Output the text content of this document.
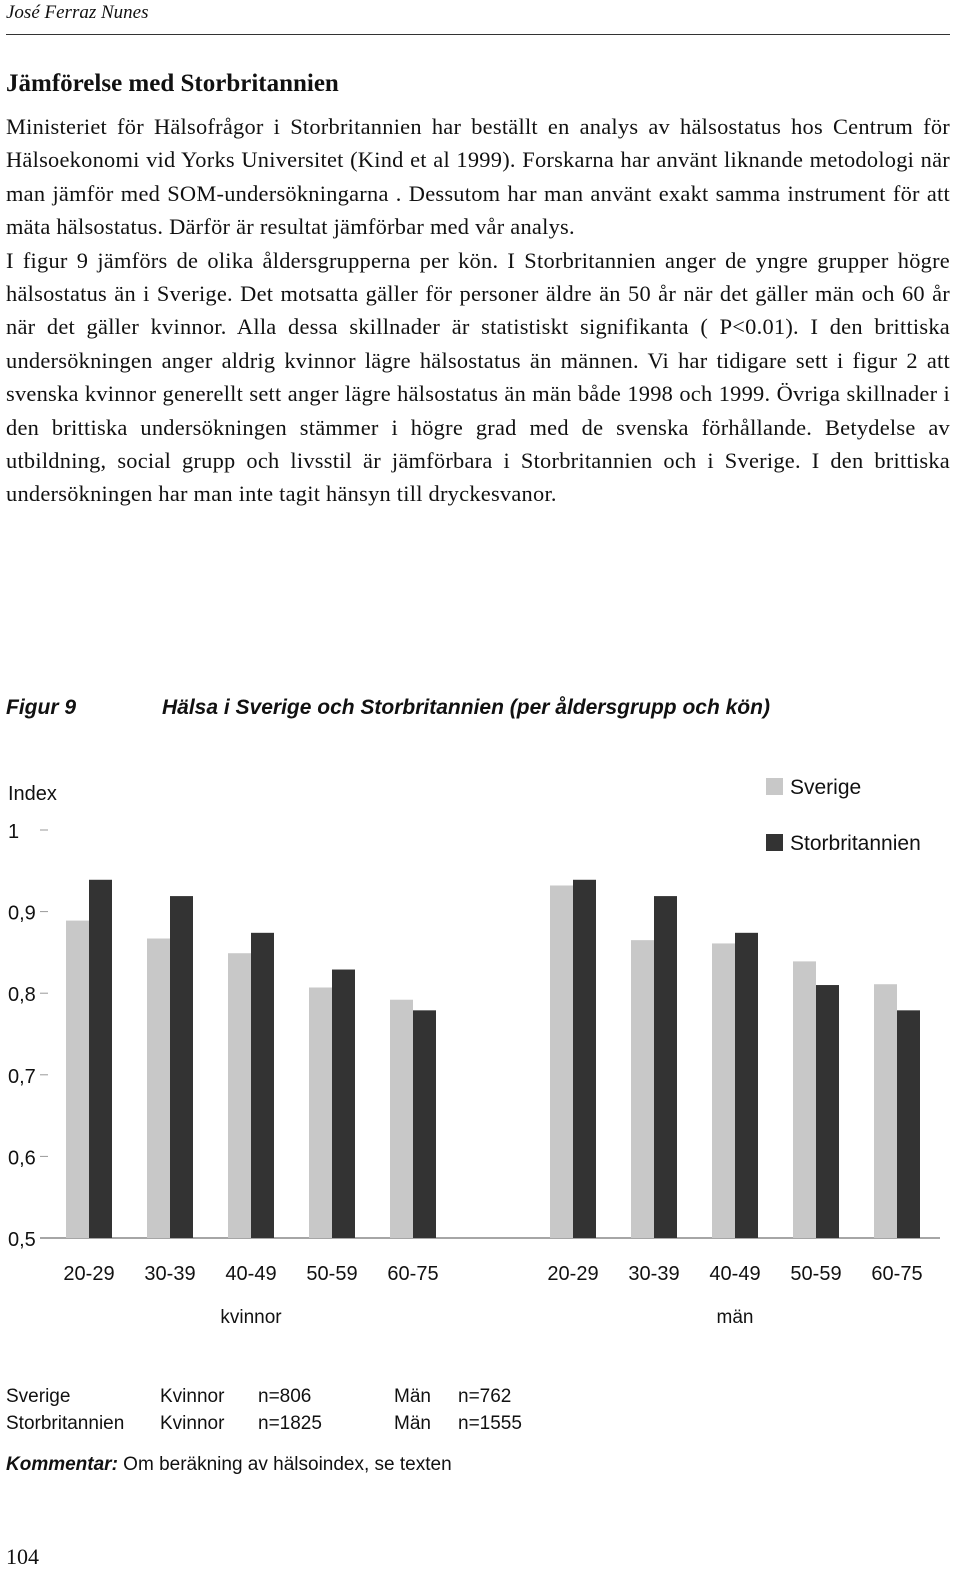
José Ferraz Nunes
Jämförelse med Storbritannien

Ministeriet för Hälsofrågor i Storbritannien har beställt en analys av hälsostatus hos Centrum för Hälsoekonomi vid Yorks Universitet (Kind et al 1999). Forskarna har använt liknande metodologi när man jämför med SOM-undersökningarna . Dessutom har man använt exakt samma instrument för att mäta hälsostatus. Därför är resultat jämförbar med vår analys.

I figur 9 jämförs de olika åldersgrupperna per kön. I Storbritannien anger de yngre grupper högre hälsostatus än i Sverige. Det motsatta gäller för personer äldre än 50 år när det gäller män och 60 år när det gäller kvinnor. Alla dessa skillnader är statistiskt signifikanta ( P<0.01). I den brittiska undersökningen anger aldrig kvinnor lägre hälsostatus än männen. Vi har tidigare sett i figur 2 att svenska kvinnor generellt sett anger lägre hälsostatus än män både 1998 och 1999. Övriga skillnader i den brittiska undersökningen stämmer i högre grad med de svenska förhållande. Betydelse av utbildning, social grupp och livsstil är jämförbara i Storbritannien och i Sverige. I den brittiska undersökningen har man inte tagit hänsyn till dryckesvanor.

Figur 9	Hälsa i Sverige och Storbritannien (per åldersgrupp och kön)
Index
1
0,9
0,8
0,7
0,6
0,5
20-29 30-39 40-49 50-59 60-75
kvinnor
20-29 30-39 40-49 50-59 60-75
män
Sverige
Storbritannien
Sverige	Kvinnor n=806	Män n=762
Storbritannien Kvinnor n=1825	Män n=1555
Kommentar: Om beräkning av hälsoindex, se texten
104
